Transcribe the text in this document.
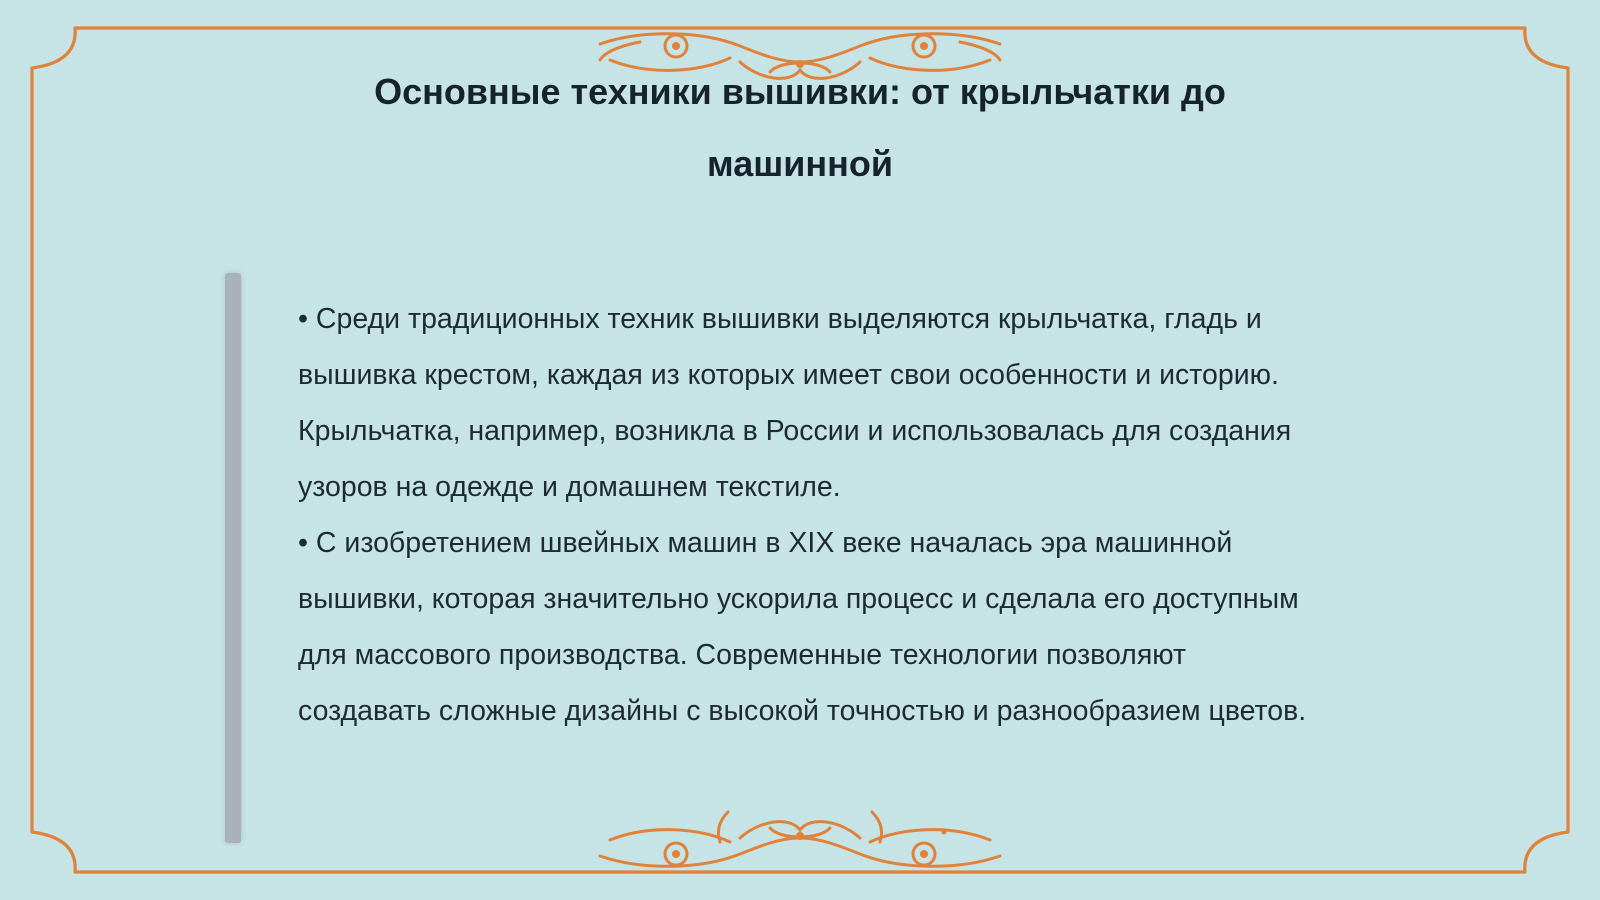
Основные техники вышивки: от крыльчатки до машинной

• Среди традиционных техник вышивки выделяются крыльчатка, гладь и вышивка крестом, каждая из которых имеет свои особенности и историю. Крыльчатка, например, возникла в России и использовалась для создания узоров на одежде и домашнем текстиле.

• С изобретением швейных машин в XIX веке началась эра машинной вышивки, которая значительно ускорила процесс и сделала его доступным для массового производства. Современные технологии позволяют создавать сложные дизайны с высокой точностью и разнообразием цветов.
